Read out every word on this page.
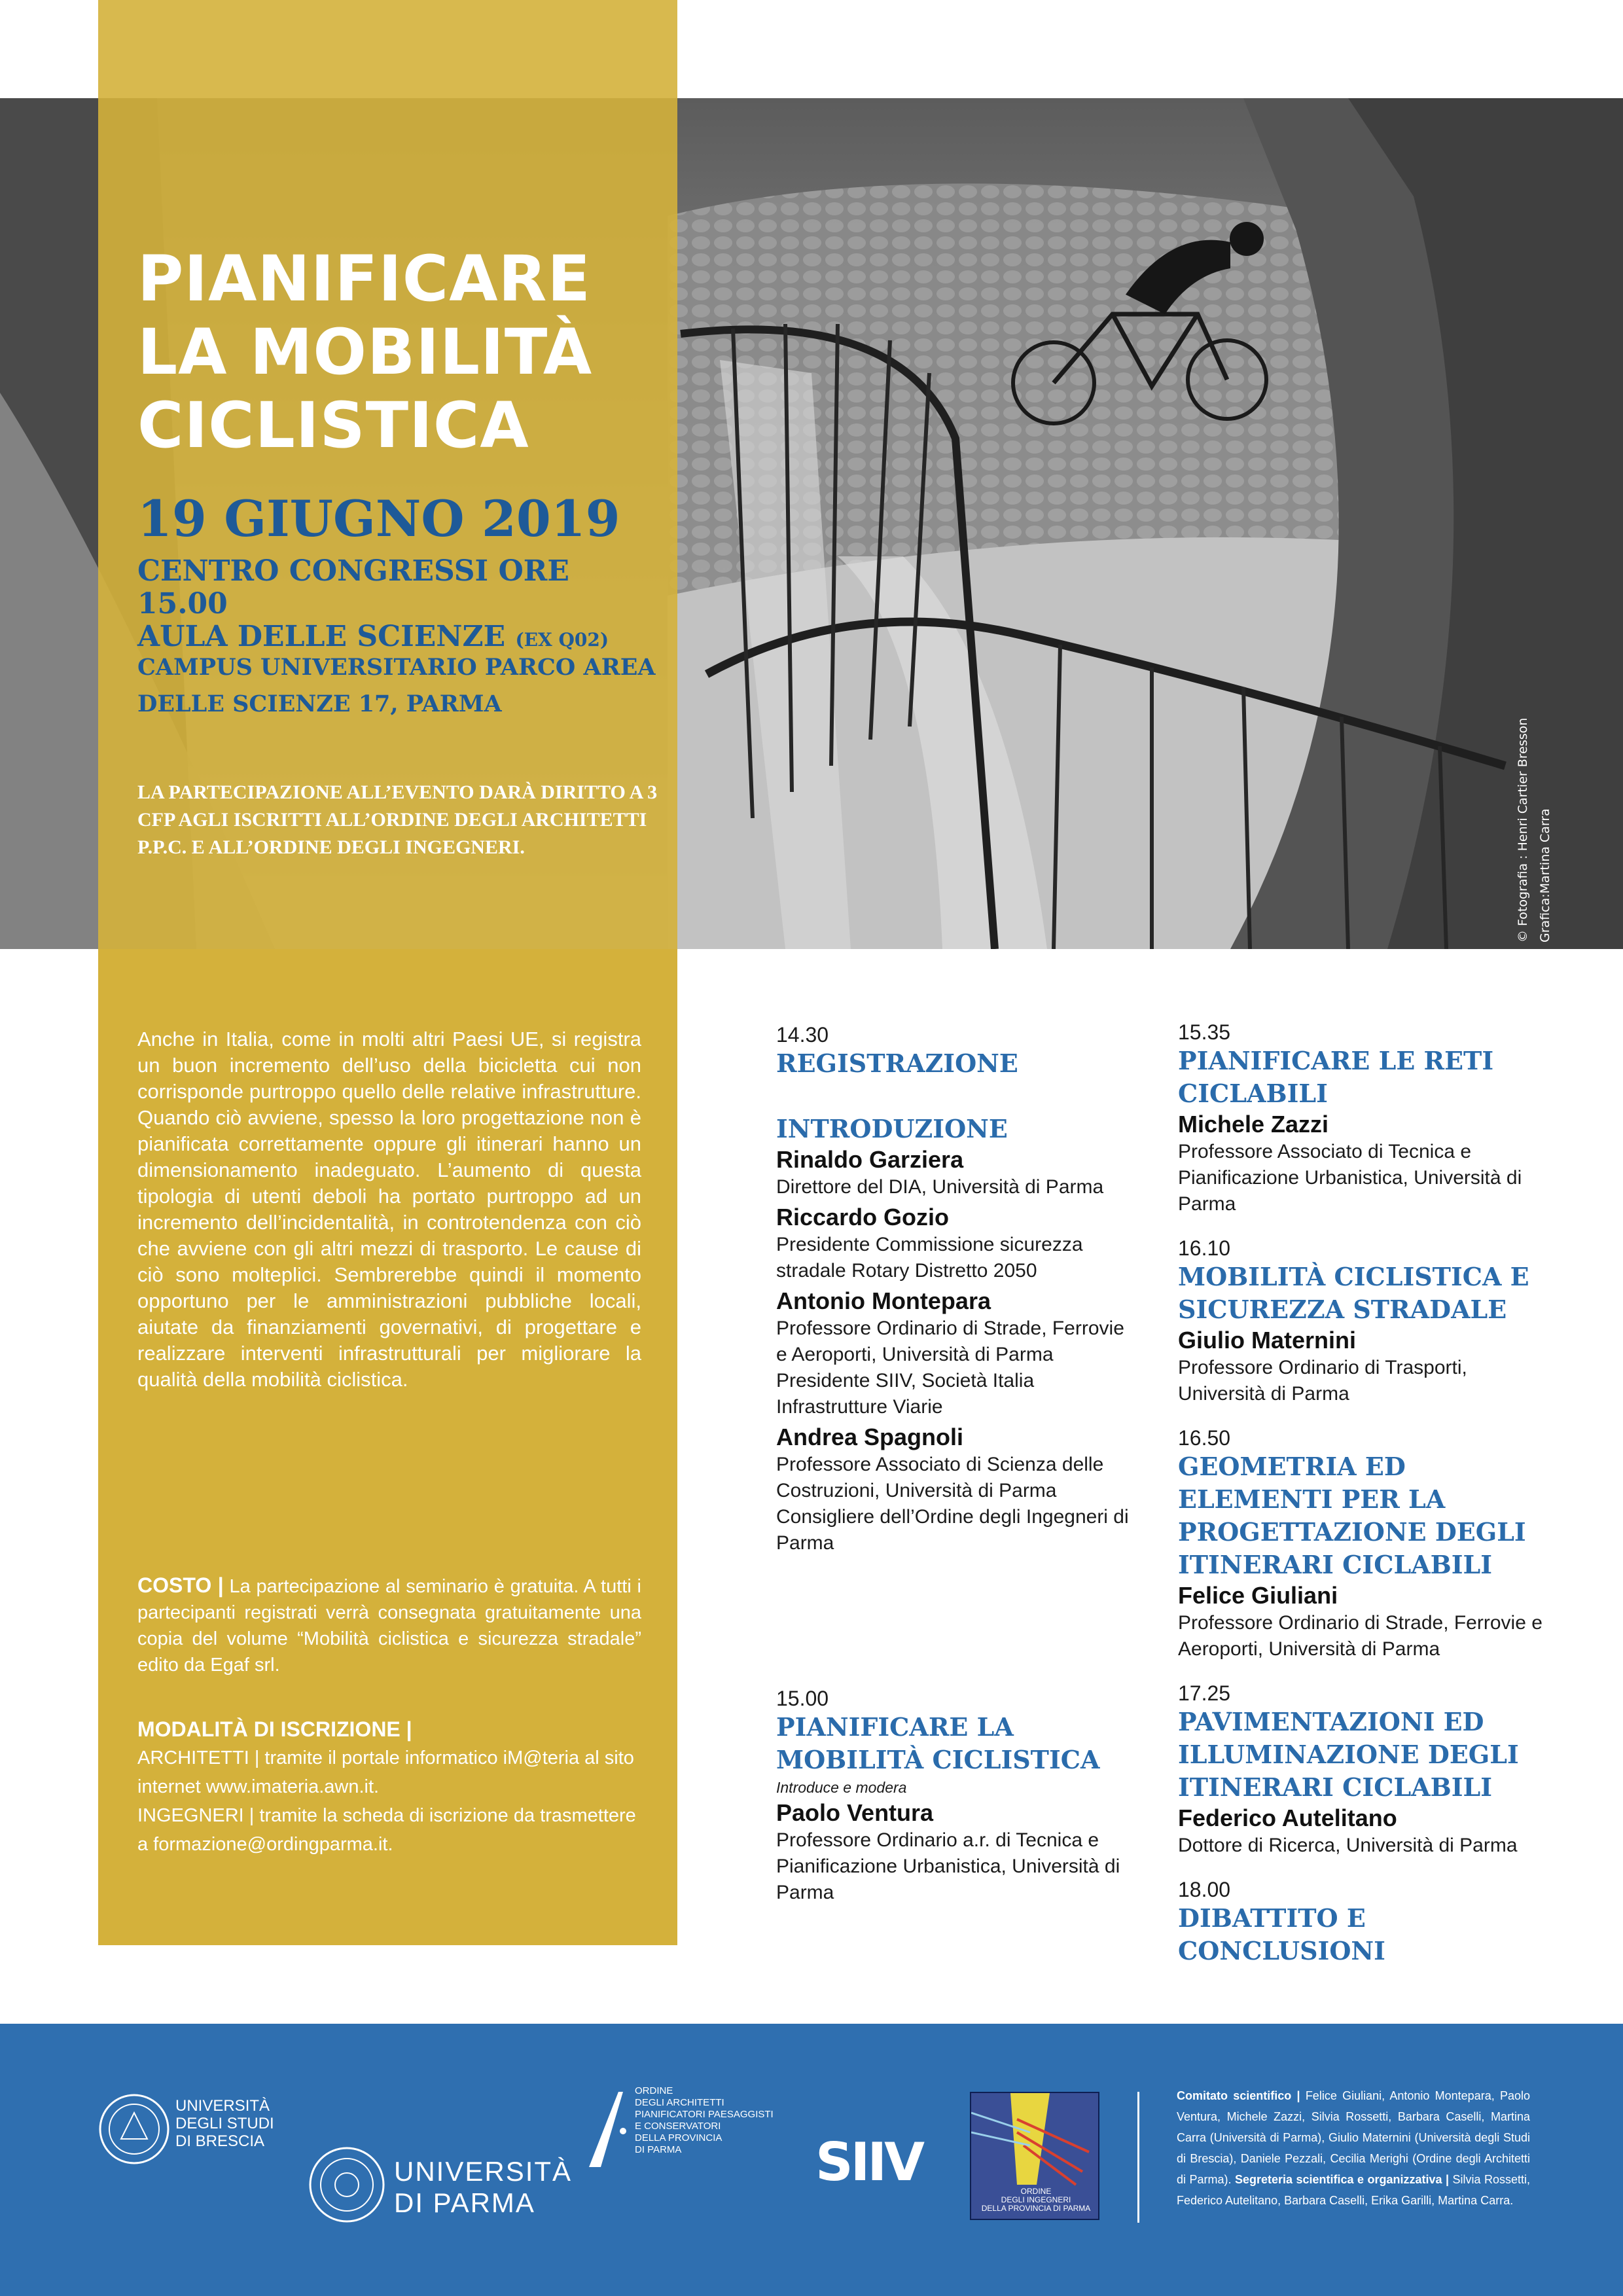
© Fotografia : Henri Cartier Bresson Grafica:Martina Carra
PIANIFICARE
LA MOBILITÀ
CICLISTICA
19 GIUGNO 2019
CENTRO CONGRESSI ORE 15.00
AULA DELLE SCIENZE (EX Q02)
CAMPUS UNIVERSITARIO PARCO AREA
DELLE SCIENZE 17, PARMA
LA PARTECIPAZIONE ALL’EVENTO DARÀ DIRITTO A 3 CFP AGLI ISCRITTI ALL’ORDINE DEGLI ARCHITETTI P.P.C. E ALL’ORDINE DEGLI INGEGNERI.
Anche in Italia, come in molti altri Paesi UE, si registra un buon incremento dell’uso della bicicletta cui non corrisponde purtroppo quello delle relative infrastrutture. Quando ciò avviene, spesso la loro progettazione non è pianificata correttamente oppure gli itinerari hanno un dimensionamento inadeguato. L’aumento di questa tipologia di utenti deboli ha portato purtroppo ad un incremento dell’incidentalità, in controtendenza con ciò che avviene con gli altri mezzi di trasporto. Le cause di ciò sono molteplici. Sembrerebbe quindi il momento opportuno per le amministrazioni pubbliche locali, aiutate da finanziamenti governativi, di progettare e realizzare interventi infrastrutturali per migliorare la qualità della mobilità ciclistica.
COSTO | La partecipazione al seminario è gratuita. A tutti i partecipanti registrati verrà consegnata gratuitamente una copia del volume “Mobilità ciclistica e sicurezza stradale” edito da Egaf srl.
MODALITÀ DI ISCRIZIONE |
ARCHITETTI | tramite il portale informatico iM@teria al sito internet www.imateria.awn.it.
INGEGNERI | tramite la scheda di iscrizione da trasmettere a formazione@ordingparma.it.
14.30
REGISTRAZIONE
INTRODUZIONE
Rinaldo Garziera
Direttore del DIA, Università di Parma
Riccardo Gozio
Presidente Commissione sicurezza stradale Rotary Distretto 2050
Antonio Montepara
Professore Ordinario di Strade, Ferrovie e Aeroporti, Università di Parma
Presidente SIIV, Società Italia Infrastrutture Viarie
Andrea Spagnoli
Professore Associato di Scienza delle Costruzioni, Università di Parma
Consigliere dell’Ordine degli Ingegneri di Parma
15.00
PIANIFICARE LA MOBILITÀ CICLISTICA
Introduce e modera
Paolo Ventura
Professore Ordinario a.r. di Tecnica e Pianificazione Urbanistica, Università di Parma
15.35
PIANIFICARE LE RETI CICLABILI
Michele Zazzi
Professore Associato di Tecnica e Pianificazione Urbanistica, Università di Parma
16.10
MOBILITÀ CICLISTICA E SICUREZZA STRADALE
Giulio Maternini
Professore Ordinario di Trasporti, Università di Parma
16.50
GEOMETRIA ED ELEMENTI PER LA PROGETTAZIONE DEGLI ITINERARI CICLABILI
Felice Giuliani
Professore Ordinario di Strade, Ferrovie e Aeroporti, Università di Parma
17.25
PAVIMENTAZIONI ED ILLUMINAZIONE DEGLI ITINERARI CICLABILI
Federico Autelitano
Dottore di Ricerca, Università di Parma
18.00
DIBATTITO E CONCLUSIONI
UNIVERSITÀ
DEGLI STUDI
DI BRESCIA
UNIVERSITÀ
DI PARMA
ORDINE
DEGLI ARCHITETTI
PIANIFICATORI PAESAGGISTI
E CONSERVATORI
DELLA PROVINCIA
DI PARMA	SIIV	ORDINE
DEGLI INGEGNERI
DELLA PROVINCIA DI PARMA
Comitato scientifico | Felice Giuliani, Antonio Montepara, Paolo Ventura, Michele Zazzi, Silvia Rossetti, Barbara Caselli, Martina Carra (Università di Parma), Giulio Maternini (Università degli Studi di Brescia), Daniele Pezzali, Cecilia Merighi (Ordine degli Architetti di Parma). Segreteria scientifica e organizzativa | Silvia Rossetti, Federico Autelitano, Barbara Caselli, Erika Garilli, Martina Carra.
